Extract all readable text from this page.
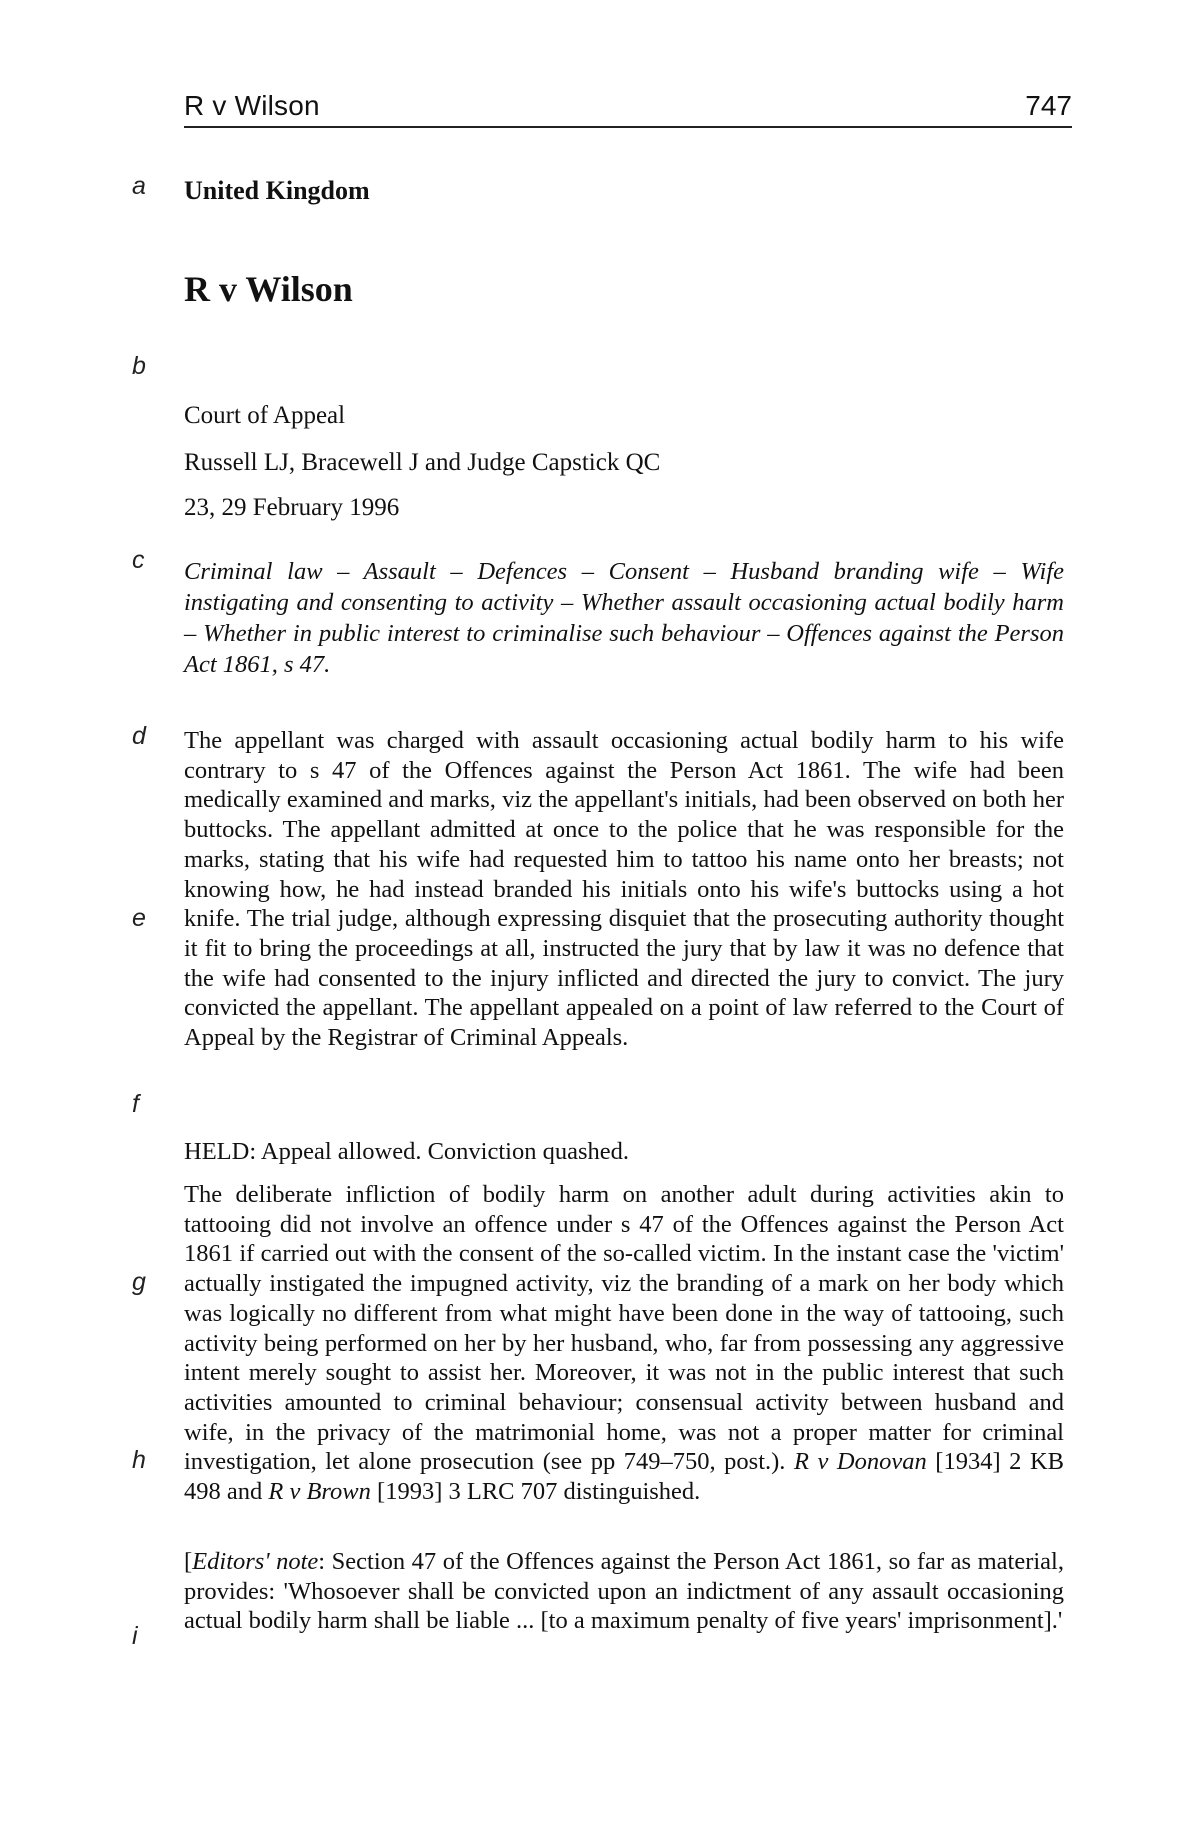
R v Wilson	747
a
b
c
d
e
f
g
h
i
United Kingdom
R v Wilson
Court of Appeal
Russell LJ, Bracewell J and Judge Capstick QC
23, 29 February 1996

Criminal law – Assault – Defences – Consent – Husband branding wife – Wife instigating and consenting to activity – Whether assault occasioning actual bodily harm – Whether in public interest to criminalise such behaviour – Offences against the Person Act 1861, s 47.

The appellant was charged with assault occasioning actual bodily harm to his wife contrary to s 47 of the Offences against the Person Act 1861. The wife had been medically examined and marks, viz the appellant's initials, had been observed on both her buttocks. The appellant admitted at once to the police that he was responsible for the marks, stating that his wife had requested him to tattoo his name onto her breasts; not knowing how, he had instead branded his initials onto his wife's buttocks using a hot knife. The trial judge, although expressing disquiet that the prosecuting authority thought it fit to bring the proceedings at all, instructed the jury that by law it was no defence that the wife had consented to the injury inflicted and directed the jury to convict. The jury convicted the appellant. The appellant appealed on a point of law referred to the Court of Appeal by the Registrar of Criminal Appeals.

HELD: Appeal allowed. Conviction quashed.

The deliberate infliction of bodily harm on another adult during activities akin to tattooing did not involve an offence under s 47 of the Offences against the Person Act 1861 if carried out with the consent of the so-called victim. In the instant case the 'victim' actually instigated the impugned activity, viz the branding of a mark on her body which was logically no different from what might have been done in the way of tattooing, such activity being performed on her by her husband, who, far from possessing any aggressive intent merely sought to assist her. Moreover, it was not in the public interest that such activities amounted to criminal behaviour; consensual activity between husband and wife, in the privacy of the matrimonial home, was not a proper matter for criminal investigation, let alone prosecution (see pp 749–750, post.). R v Donovan [1934] 2 KB 498 and R v Brown [1993] 3 LRC 707 distinguished.

[Editors' note: Section 47 of the Offences against the Person Act 1861, so far as material, provides: 'Whosoever shall be convicted upon an indictment of any assault occasioning actual bodily harm shall be liable ... [to a maximum penalty of five years' imprisonment].'
